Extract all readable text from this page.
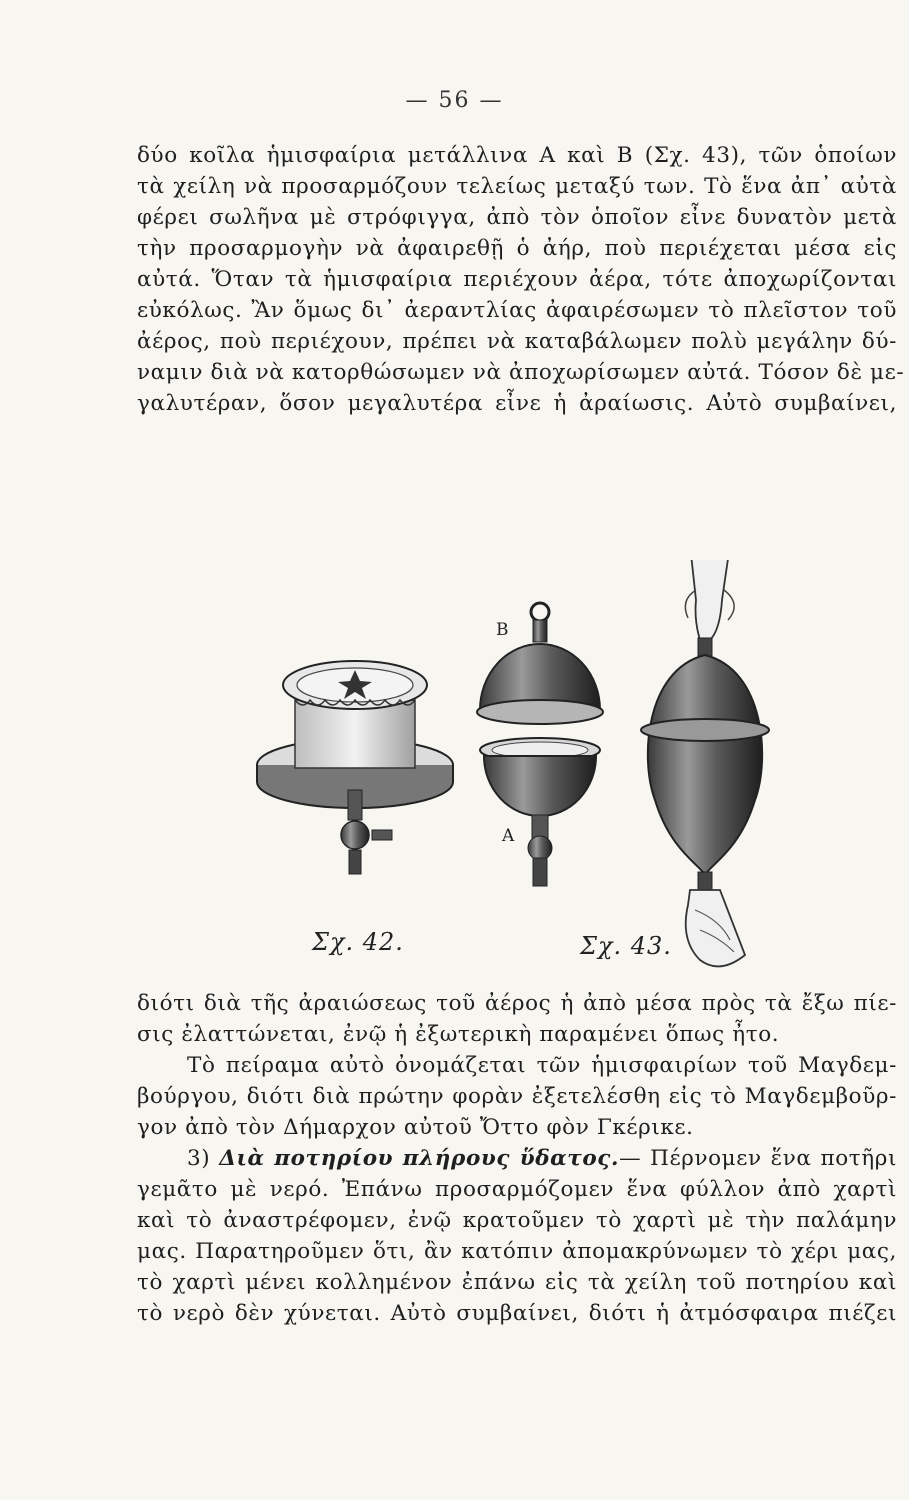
— 56 —
δύο κοῖλα ἡμισφαίρια μετάλλινα Α καὶ Β (Σχ. 43), τῶν ὁποίων
τὰ χείλη νὰ προσαρμόζουν τελείως μεταξύ των. Τὸ ἕνα ἀπ᾽ αὐτὰ
φέρει σωλῆνα μὲ στρόφιγγα, ἀπὸ τὸν ὁποῖον εἶνε δυνατὸν μετὰ
τὴν προσαρμογὴν νὰ ἀφαιρεθῇ ὁ ἀήρ, ποὺ περιέχεται μέσα εἰς
αὐτά. Ὅταν τὰ ἡμισφαίρια περιέχουν ἀέρα, τότε ἀποχωρίζονται
εὐκόλως. Ἂν ὅμως δι᾽ ἀεραντλίας ἀφαιρέσωμεν τὸ πλεῖστον τοῦ
ἀέρος, ποὺ περιέχουν, πρέπει νὰ καταβάλωμεν πολὺ μεγάλην δύ-
ναμιν διὰ νὰ κατορθώσωμεν νὰ ἀποχωρίσωμεν αὐτά. Τόσον δὲ με-
γαλυτέραν, ὅσον μεγαλυτέρα εἶνε ἡ ἀραίωσις. Αὐτὸ συμβαίνει,
Β
Α
Σχ. 42.	Σχ. 43.
διότι διὰ τῆς ἀραιώσεως τοῦ ἀέρος ἡ ἀπὸ μέσα πρὸς τὰ ἔξω πίε-
σις ἐλαττώνεται, ἐνῷ ἡ ἐξωτερικὴ παραμένει ὅπως ἦτο.
Τὸ πείραμα αὐτὸ ὀνομάζεται τῶν ἡμισφαιρίων τοῦ Μαγδεμ-
βούργου, διότι διὰ πρώτην φορὰν ἐξετελέσθη εἰς τὸ Μαγδεμβοῦρ-
γον ἀπὸ τὸν Δήμαρχον αὐτοῦ Ὄττο φὸν Γκέρικε.
3) Διὰ ποτηρίου πλήρους ὕδατος.— Πέρνομεν ἕνα ποτῆρι
γεμᾶτο μὲ νερό. Ἐπάνω προσαρμόζομεν ἕνα φύλλον ἀπὸ χαρτὶ
καὶ τὸ ἀναστρέφομεν, ἐνῷ κρατοῦμεν τὸ χαρτὶ μὲ τὴν παλάμην
μας. Παρατηροῦμεν ὅτι, ἂν κατόπιν ἀπομακρύνωμεν τὸ χέρι μας,
τὸ χαρτὶ μένει κολλημένον ἐπάνω εἰς τὰ χείλη τοῦ ποτηρίου καὶ
τὸ νερὸ δὲν χύνεται. Αὐτὸ συμβαίνει, διότι ἡ ἀτμόσφαιρα πιέζει
